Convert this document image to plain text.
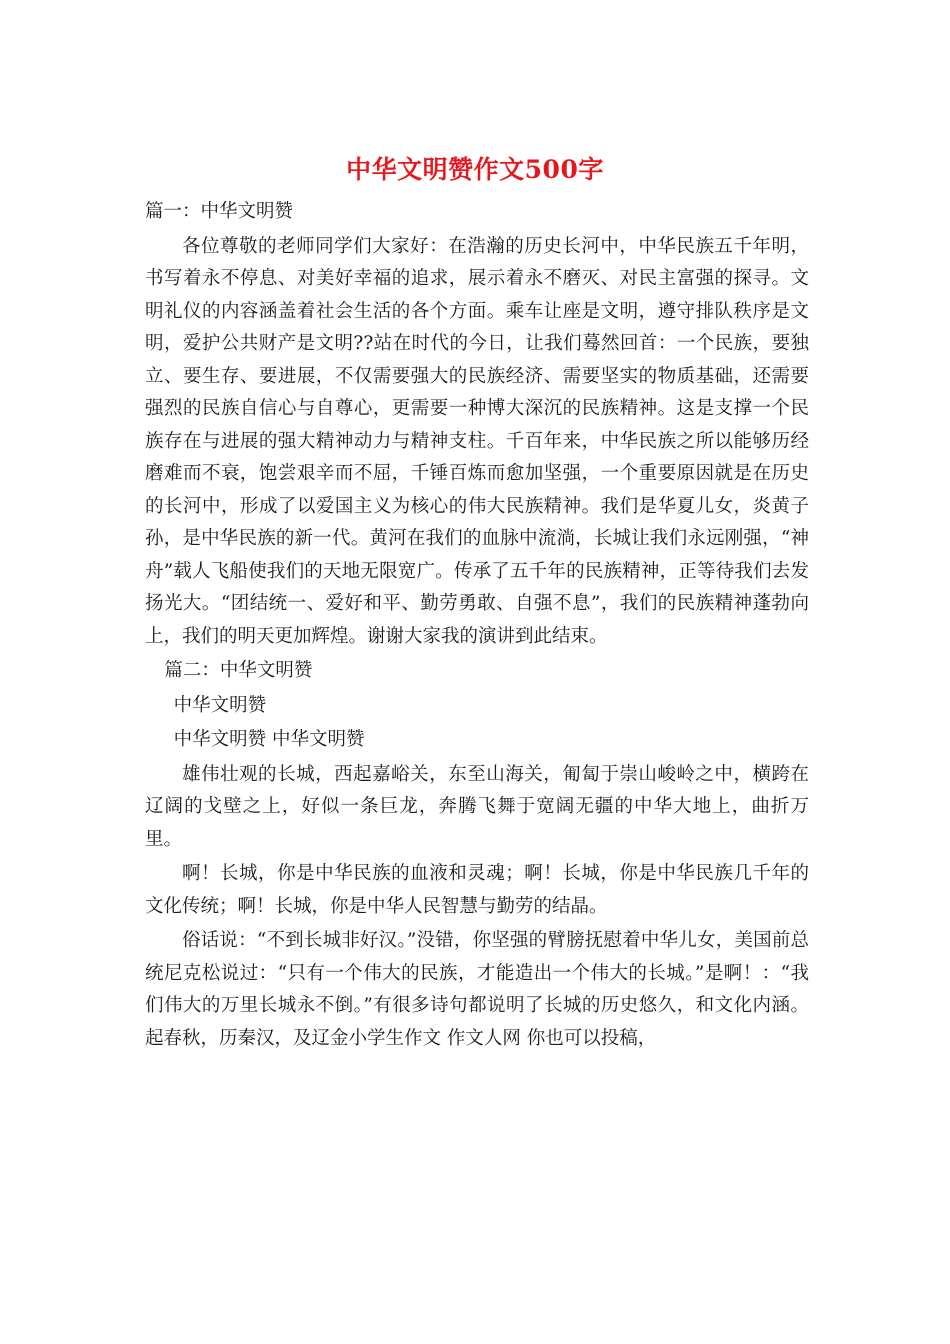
中华文明赞作文500字

篇一：中华文明赞

各位尊敬的老师同学们大家好：在浩瀚的历史长河中，中华民族五千年明，书写着永不停息、对美好幸福的追求，展示着永不磨灭、对民主富强的探寻。文明礼仪的内容涵盖着社会生活的各个方面。乘车让座是文明，遵守排队秩序是文明，爱护公共财产是文明??站在时代的今日，让我们蓦然回首：一个民族，要独立、要生存、要进展，不仅需要强大的民族经济、需要坚实的物质基础，还需要强烈的民族自信心与自尊心，更需要一种博大深沉的民族精神。这是支撑一个民族存在与进展的强大精神动力与精神支柱。千百年来，中华民族之所以能够历经磨难而不衰，饱尝艰辛而不屈，千锤百炼而愈加坚强，一个重要原因就是在历史的长河中，形成了以爱国主义为核心的伟大民族精神。我们是华夏儿女，炎黄子孙，是中华民族的新一代。黄河在我们的血脉中流淌，长城让我们永远刚强，“神舟”载人飞船使我们的天地无限宽广。传承了五千年的民族精神，正等待我们去发扬光大。“团结统一、爱好和平、勤劳勇敢、自强不息”，我们的民族精神蓬勃向上，我们的明天更加辉煌。谢谢大家我的演讲到此结束。

篇二：中华文明赞

中华文明赞

中华文明赞 中华文明赞

雄伟壮观的长城，西起嘉峪关，东至山海关，匍匐于崇山峻岭之中，横跨在辽阔的戈壁之上，好似一条巨龙，奔腾飞舞于宽阔无疆的中华大地上，曲折万里。

啊！长城，你是中华民族的血液和灵魂；啊！长城，你是中华民族几千年的文化传统；啊！长城，你是中华人民智慧与勤劳的结晶。

俗话说：“不到长城非好汉。”没错，你坚强的臂膀抚慰着中华儿女，美国前总统尼克松说过：“只有一个伟大的民族，才能造出一个伟大的长城。”是啊！：“我们伟大的万里长城永不倒。”有很多诗句都说明了长城的历史悠久，和文化内涵。起春秋，历秦汉，及辽金小学生作文 作文人网 你也可以投稿，
